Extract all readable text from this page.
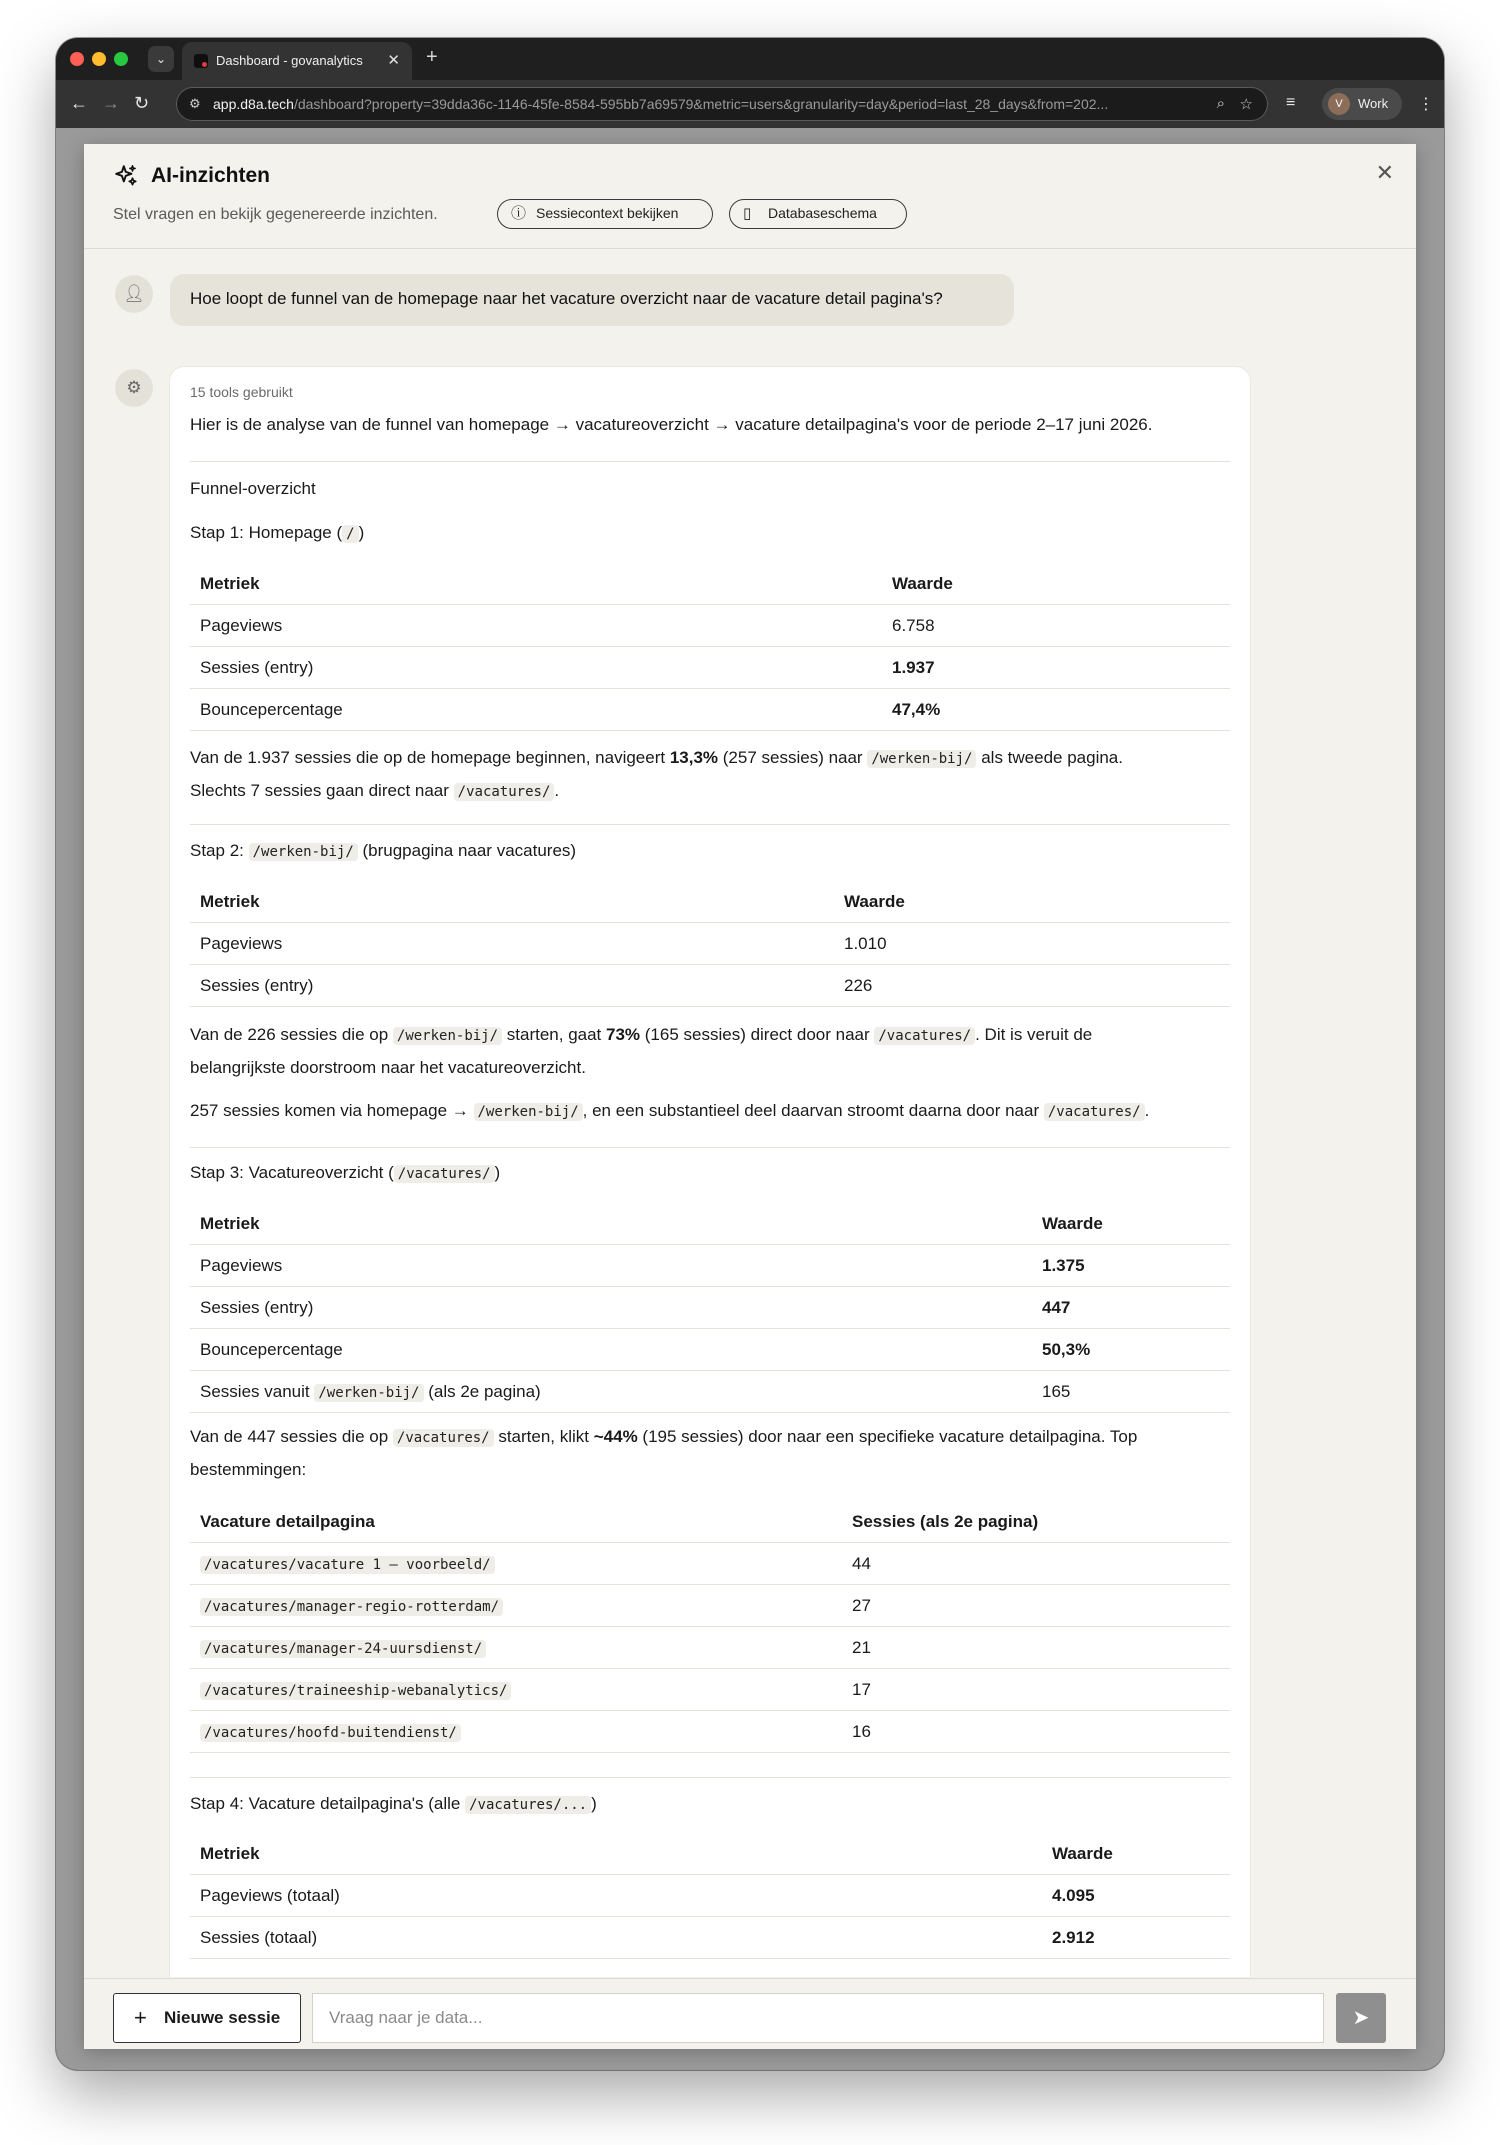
⌄	Dashboard - govanalytics ✕ +
← → ↻	⚙ app.d8a.tech/dashboard?property=39dda36c-1146-45fe-8584-595bb7a69579&metric=users&granularity=day&period=last_28_days&from=202...	⌕ ☆ ≡	V	Work ⋮
AI-inzichten	✕
Stel vragen en bekijk gegenereerde inzichten.	ⓘ Sessiecontext bekijken	▯ Databaseschema
👤︎	Hoe loopt de funnel van de homepage naar het vacature overzicht naar de vacature detail pagina's?
⚙	15 tools gebruikt
Hier is de analyse van de funnel van homepage → vacatureoverzicht → vacature detailpagina's voor de periode 2–17 juni 2026.
Funnel-overzicht
Stap 1: Homepage ( / )
Metriek	Waarde
Pageviews	6.758
Sessies (entry)	1.937
Bouncepercentage	47,4%
Van de 1.937 sessies die op de homepage beginnen, navigeert 13,3% (257 sessies) naar /werken-bij/ als tweede pagina.
Slechts 7 sessies gaan direct naar /vacatures/ .
Stap 2: /werken-bij/ (brugpagina naar vacatures)
Metriek	Waarde
Pageviews	1.010
Sessies (entry)	226
Van de 226 sessies die op /werken-bij/ starten, gaat 73% (165 sessies) direct door naar /vacatures/ . Dit is veruit de
belangrijkste doorstroom naar het vacatureoverzicht.
257 sessies komen via homepage → /werken-bij/ , en een substantieel deel daarvan stroomt daarna door naar /vacatures/ .
Stap 3: Vacatureoverzicht ( /vacatures/ )
Metriek	Waarde
Pageviews	1.375
Sessies (entry)	447
Bouncepercentage	50,3%
Sessies vanuit /werken-bij/ (als 2e pagina)	165
Van de 447 sessies die op /vacatures/ starten, klikt ~44% (195 sessies) door naar een specifieke vacature detailpagina. Top
bestemmingen:
Vacature detailpagina	Sessies (als 2e pagina)
/vacatures/vacature 1 – voorbeeld/	44
/vacatures/manager-regio-rotterdam/	27
/vacatures/manager-24-uursdienst/	21
/vacatures/traineeship-webanalytics/	17
/vacatures/hoofd-buitendienst/	16
Stap 4: Vacature detailpagina's (alle /vacatures/... )
Metriek	Waarde
Pageviews (totaal)	4.095
Sessies (totaal)	2.912
+ Nieuwe sessie
Vraag naar je data...	➤
